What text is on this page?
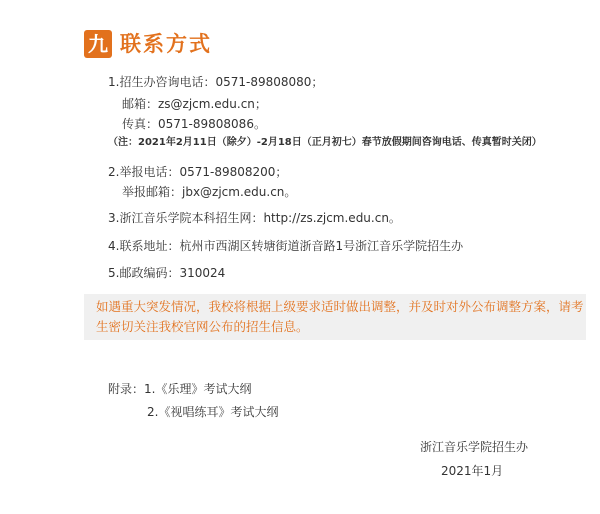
九 联系方式
1.招生办咨询电话：0571-89808080；
邮箱：zs@zjcm.edu.cn；
传真：0571-89808086。
（注：2021年2月11日（除夕）-2月18日（正月初七）春节放假期间咨询电话、传真暂时关闭）
2.举报电话：0571-89808200；
举报邮箱：jbx@zjcm.edu.cn。
3.浙江音乐学院本科招生网：http://zs.zjcm.edu.cn。
4.联系地址：杭州市西湖区转塘街道浙音路1号浙江音乐学院招生办
5.邮政编码：310024
如遇重大突发情况，我校将根据上级要求适时做出调整，并及时对外公布调整方案，请考生密切关注我校官网公布的招生信息。
附录：1.《乐理》考试大纲
2.《视唱练耳》考试大纲
浙江音乐学院招生办
2021年1月
